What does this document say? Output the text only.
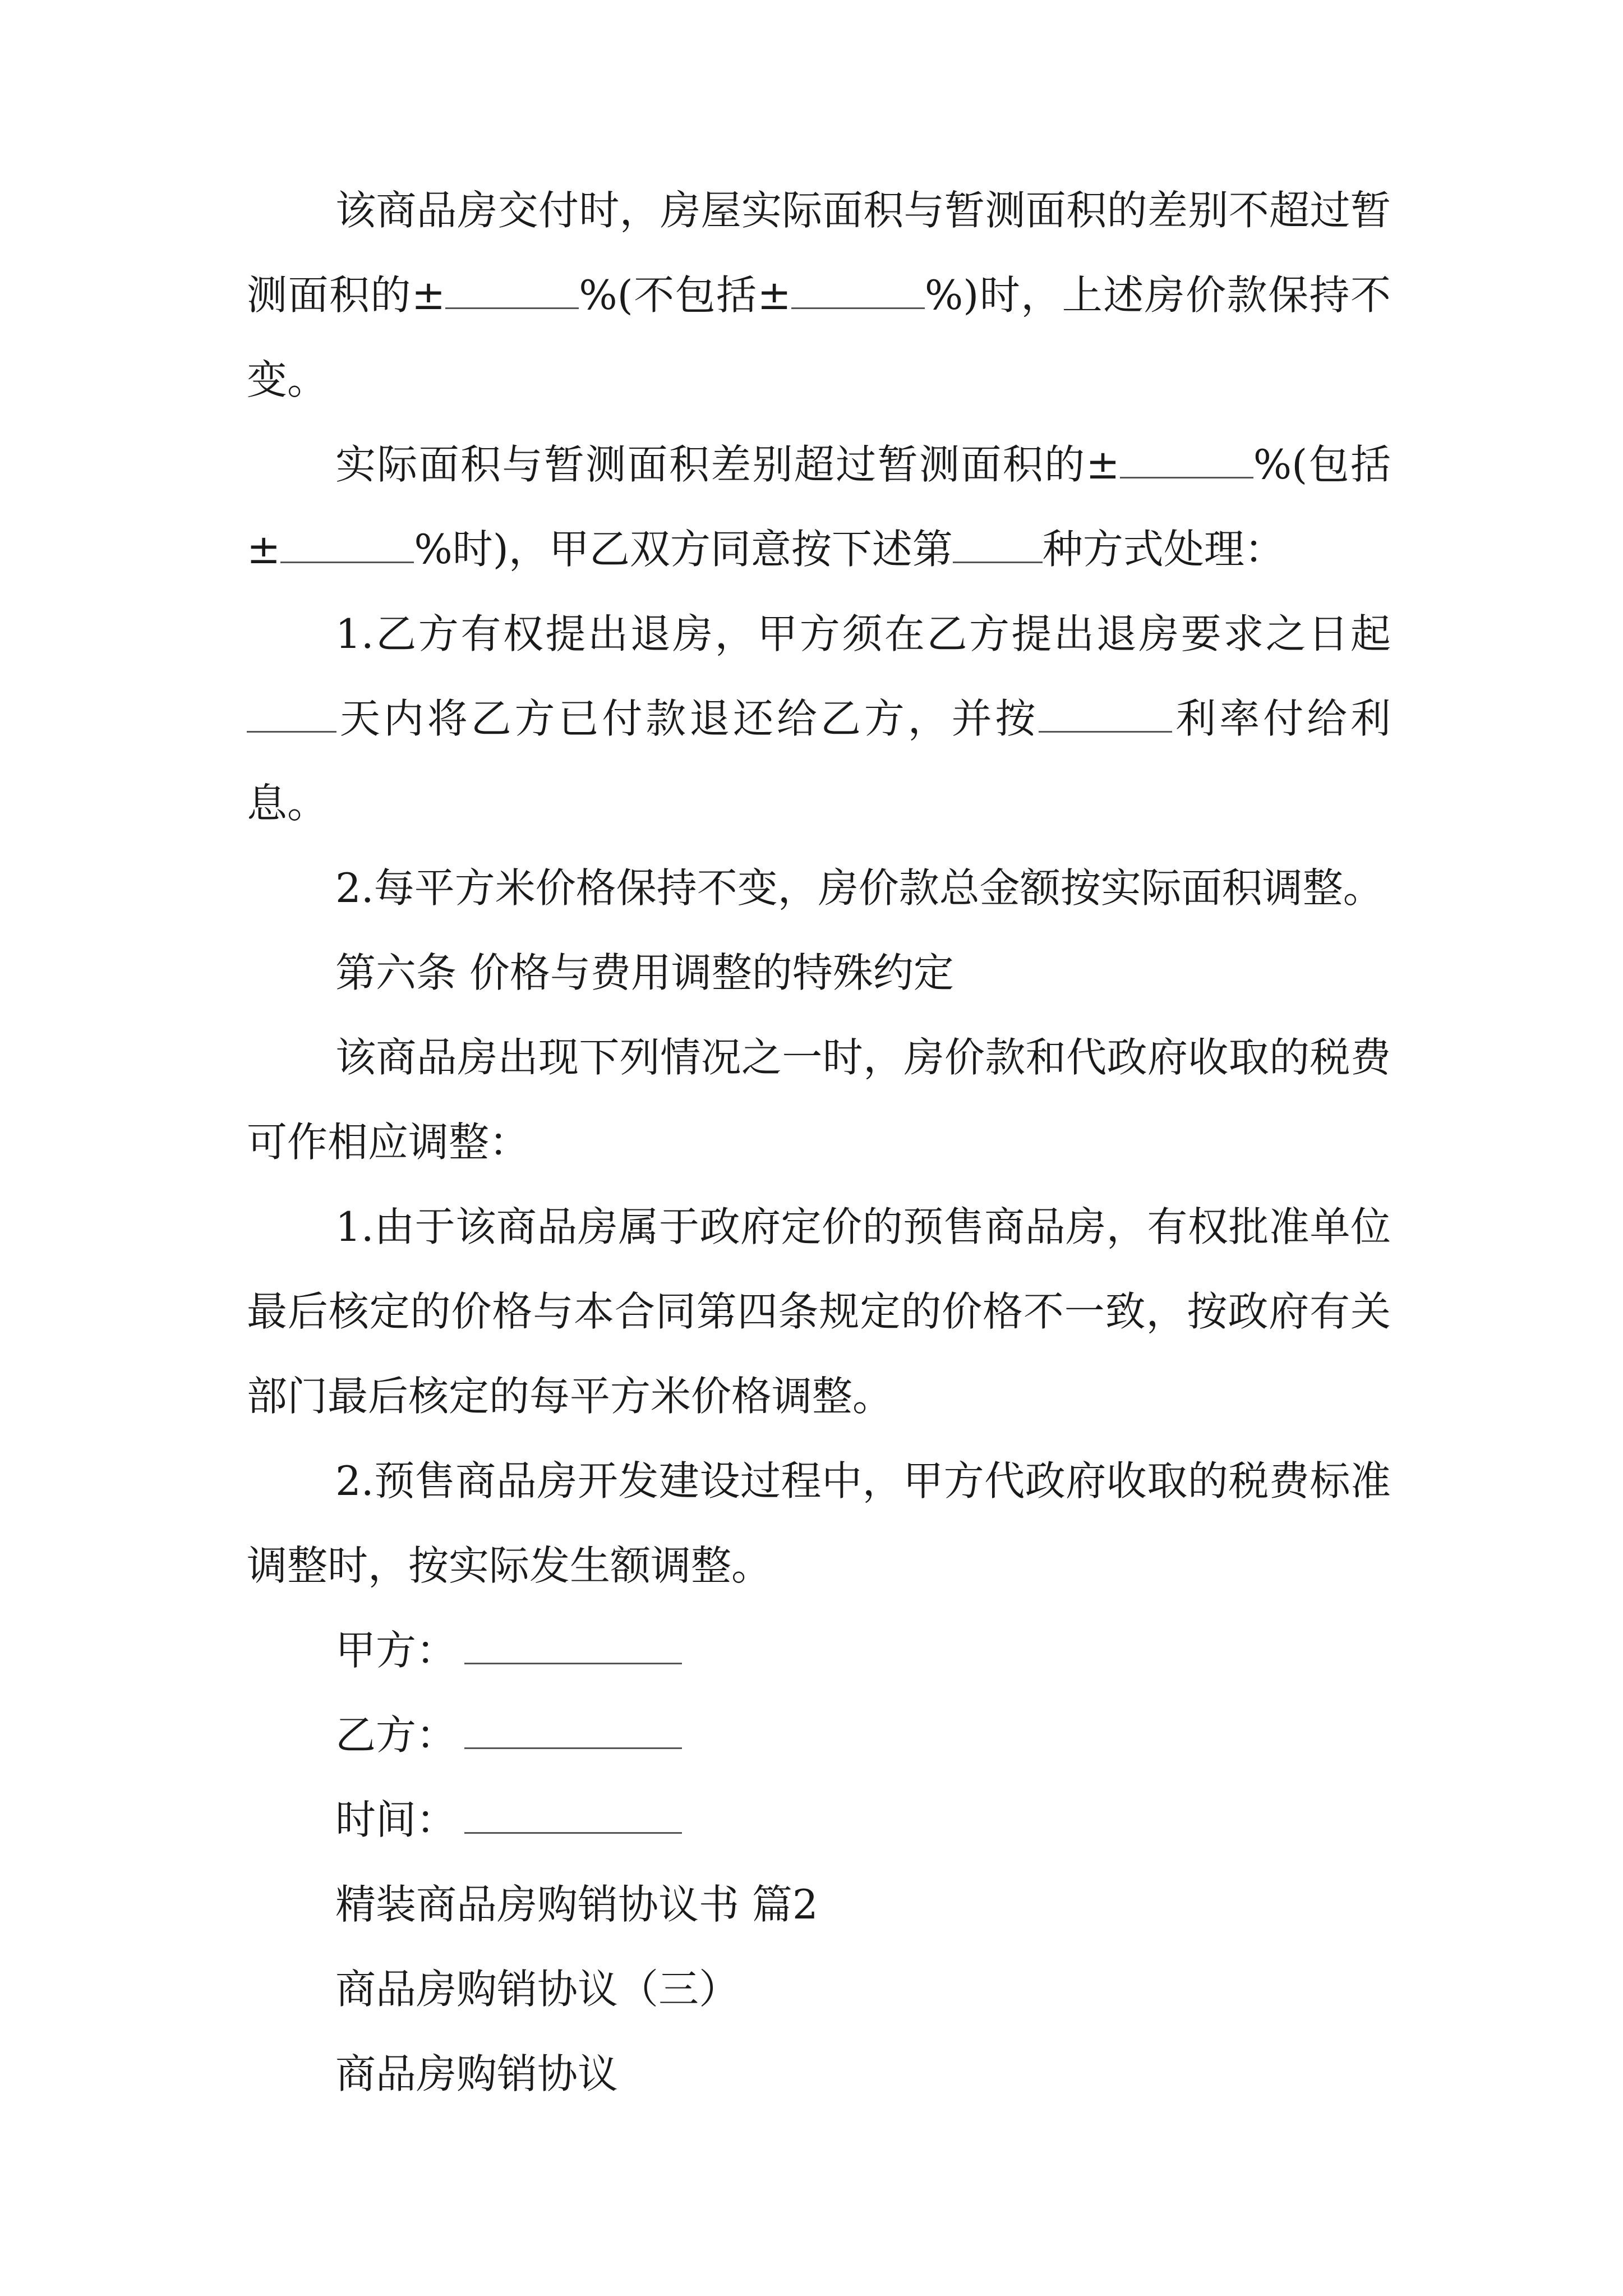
该商品房交付时，房屋实际面积与暂测面积的差别不超过暂测面积的±	%(不包括±	%)时，上述房价款保持不变。

实际面积与暂测面积差别超过暂测面积的±	%(包括±	%时)，甲乙双方同意按下述第 种方式处理：

1.乙方有权提出退房，甲方须在乙方提出退房要求之日起天内将乙方已付款退还给乙方，并按	利率付给利息。

2.每平方米价格保持不变，房价款总金额按实际面积调整。

第六条 价格与费用调整的特殊约定

该商品房出现下列情况之一时，房价款和代政府收取的税费可作相应调整：

1.由于该商品房属于政府定价的预售商品房，有权批准单位最后核定的价格与本合同第四条规定的价格不一致，按政府有关部门最后核定的每平方米价格调整。

2.预售商品房开发建设过程中，甲方代政府收取的税费标准调整时，按实际发生额调整。

甲方：

乙方：

时间：

精装商品房购销协议书 篇2

商品房购销协议（三）

商品房购销协议
